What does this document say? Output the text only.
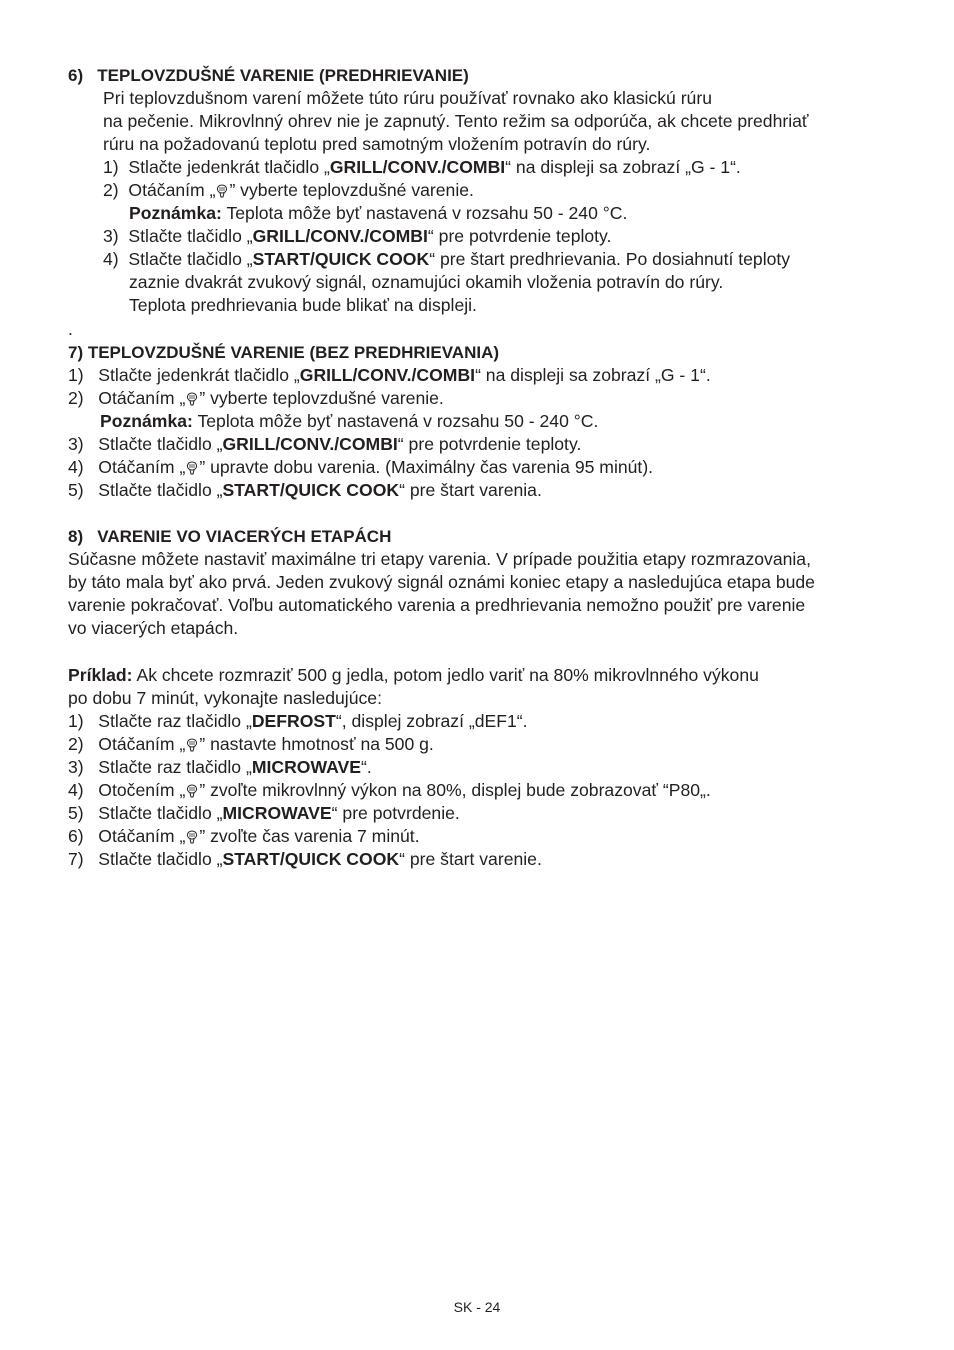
6)   TEPLOVZDUŠNÉ VARENIE (PREDHRIEVANIE)
Pri teplovzdušnom varení môžete túto rúru používať rovnako ako klasickú rúru
na pečenie. Mikrovlnný ohrev nie je zapnutý. Tento režim sa odporúča, ak chcete predhriať
rúru na požadovanú teplotu pred samotným vložením potravín do rúry.
1)  Stlačte jedenkrát tlačidlo „GRILL/CONV./COMBI“ na displeji sa zobrazí „G - 1“.
2)  Otáčaním „ ” vyberte teplovzdušné varenie.
Poznámka: Teplota môže byť nastavená v rozsahu 50 - 240 °C.
3)  Stlačte tlačidlo „GRILL/CONV./COMBI“ pre potvrdenie teploty.
4)  Stlačte tlačidlo „START/QUICK COOK“ pre štart predhrievania. Po dosiahnutí teploty
zaznie dvakrát zvukový signál, oznamujúci okamih vloženia potravín do rúry.
Teplota predhrievania bude blikať na displeji.
.
7) TEPLOVZDUŠNÉ VARENIE (BEZ PREDHRIEVANIA)
1)   Stlačte jedenkrát tlačidlo „GRILL/CONV./COMBI“ na displeji sa zobrazí „G - 1“.
2)   Otáčaním „ ” vyberte teplovzdušné varenie.
Poznámka: Teplota môže byť nastavená v rozsahu 50 - 240 °C.
3)   Stlačte tlačidlo „GRILL/CONV./COMBI“ pre potvrdenie teploty.
4)   Otáčaním „ ” upravte dobu varenia. (Maximálny čas varenia 95 minút).
5)   Stlačte tlačidlo „START/QUICK COOK“ pre štart varenia.
8)   VARENIE VO VIACERÝCH ETAPÁCH
Súčasne môžete nastaviť maximálne tri etapy varenia. V prípade použitia etapy rozmrazovania,
by táto mala byť ako prvá. Jeden zvukový signál oznámi koniec etapy a nasledujúca etapa bude
varenie pokračovať. Voľbu automatického varenia a predhrievania nemožno použiť pre varenie
vo viacerých etapách.
Príklad: Ak chcete rozmraziť 500 g jedla, potom jedlo variť na 80% mikrovlnného výkonu
po dobu 7 minút, vykonajte nasledujúce:
1)   Stlačte raz tlačidlo „DEFROST“, displej zobrazí „dEF1“.
2)   Otáčaním „ ” nastavte hmotnosť na 500 g.
3)   Stlačte raz tlačidlo „MICROWAVE“.
4)   Otočením „ ” zvoľte mikrovlnný výkon na 80%, displej bude zobrazovať “P80„.
5)   Stlačte tlačidlo „MICROWAVE“ pre potvrdenie.
6)   Otáčaním „ ” zvoľte čas varenia 7 minút.
7)   Stlačte tlačidlo „START/QUICK COOK“ pre štart varenie.
SK - 24
